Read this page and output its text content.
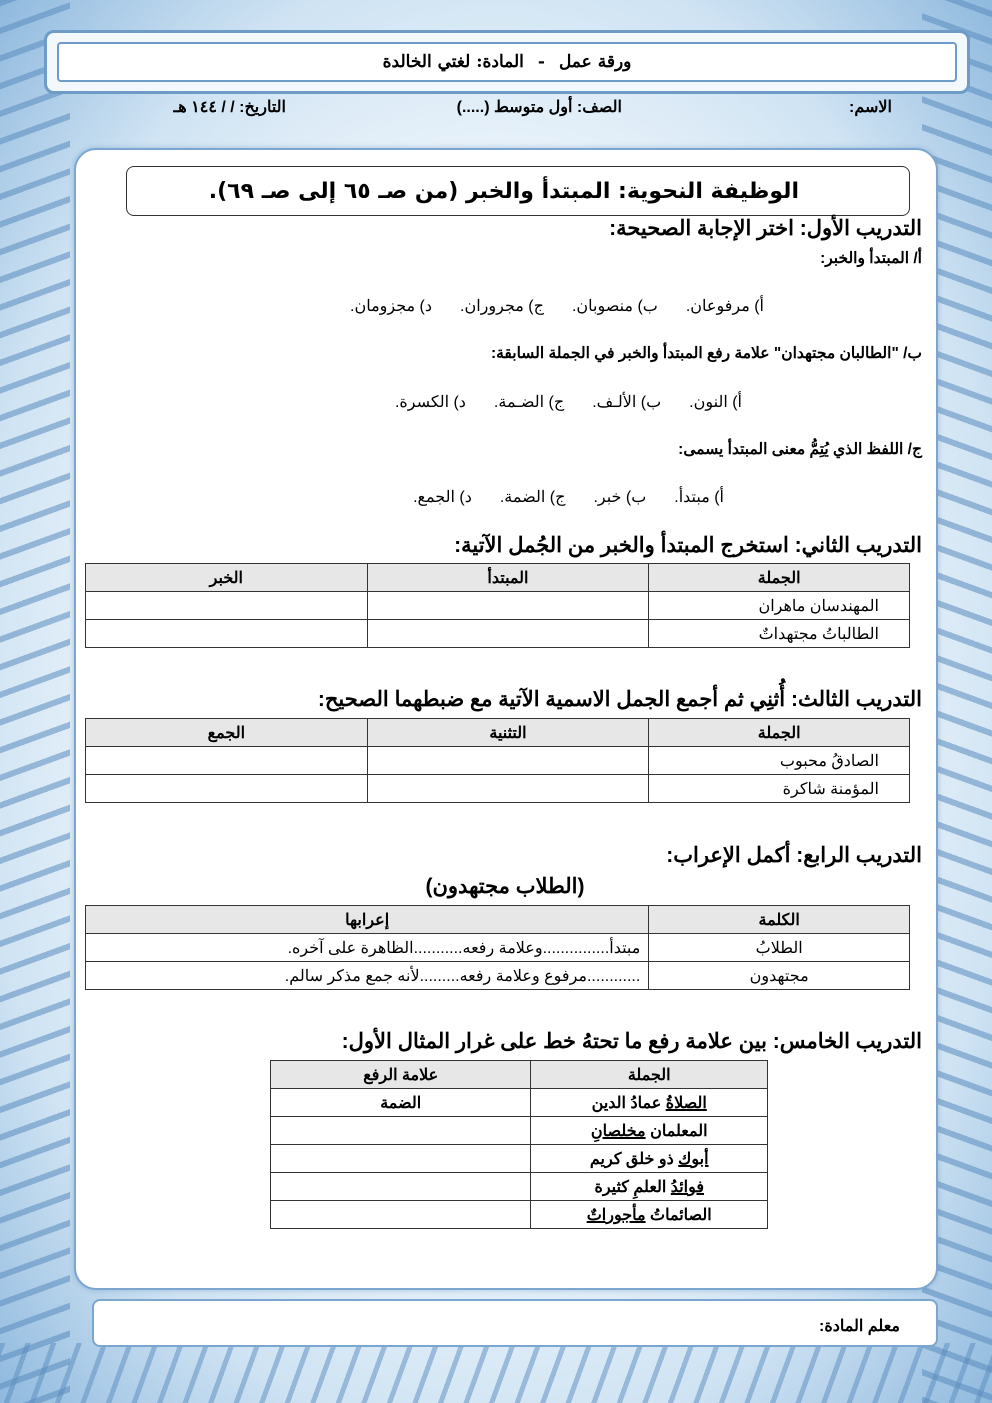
ورقة عمل
-
المادة: لغتي الخالدة
الاسم:
الصف: أول متوسط (.....)
التاريخ: / / ١٤٤ هـ
الوظيفة النحوية: المبتدأ والخبر (من صـ ٦٥ إلى صـ ٦٩).
التدريب الأول: اختر الإجابة الصحيحة:
أ/ المبتدأ والخبر:
أ) مرفوعان.ب) منصوبان.ج) مجروران.د) مجزومان.
ب/ "الطالبان مجتهدان" علامة رفع المبتدأ والخبر في الجملة السابقة:
أ) النون.ب) الألـف.ج) الضـمة.د) الكسرة.
ج/ اللفظ الذي يُتِمُّ معنى المبتدأ يسمى:
أ) مبتدأ.ب) خبر.ج) الضمة.د) الجمع.
التدريب الثاني: استخرج المبتدأ والخبر من الجُمل الآتية:
الجملة	المبتدأ	الخبر
المهندسان ماهران		
الطالباتُ مجتهداتٌ		
التدريب الثالث: أُثنِي ثم أجمع الجمل الاسمية الآتية مع ضبطهما الصحيح:
الجملة	التثنية	الجمع
الصادقُ محبوب		
المؤمنة شاكرة		
التدريب الرابع: أكمل الإعراب:
(الطلاب مجتهدون)
الكلمة	إعرابها
الطلابُ	مبتدأ...............وعلامة رفعه...........الظاهرة على آخره.
مجتهدون	............مرفوع وعلامة رفعه.........لأنه جمع مذكر سالم.
التدريب الخامس: بين علامة رفع ما تحتهُ خط على غرار المثال الأول:
الجملة	علامة الرفع
الصلاةُ عمادُ الدين	الضمة
المعلمان مخلصانِ	
أبوك ذو خلق كريم	
فوائدُ العلمِ كثيرة	
الصائماتُ مأجوراتٌ	
معلم المادة:
